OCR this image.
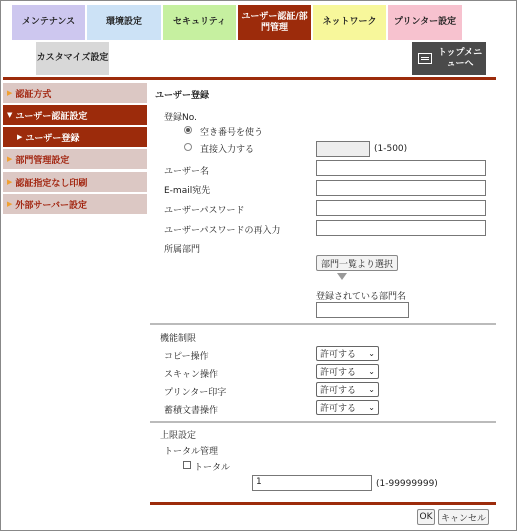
メンテナンス	環境設定	セキュリティ
ユーザー認証/部門管理
ネットワーク	プリンター設定
カスタマイズ設定
トップメニューへ
▶ 認証方式
▼ ユーザー認証設定
▶ ユーザー登録
▶ 部門管理設定
▶ 認証指定なし印刷
▶ 外部サーバー設定
ユーザー登録
登録No.
空き番号を使う
直接入力する	(1-500)
ユーザー名
E-mail宛先
ユーザーパスワード
ユーザーパスワードの再入力
所属部門
部門一覧より選択
登録されている部門名
機能制限
コピー操作	許可する ⌄
スキャン操作	許可する ⌄
プリンター印字	許可する ⌄
蓄積文書操作	許可する ⌄
上限設定
トータル管理
トータル
1	(1-99999999)
OK キャンセル
